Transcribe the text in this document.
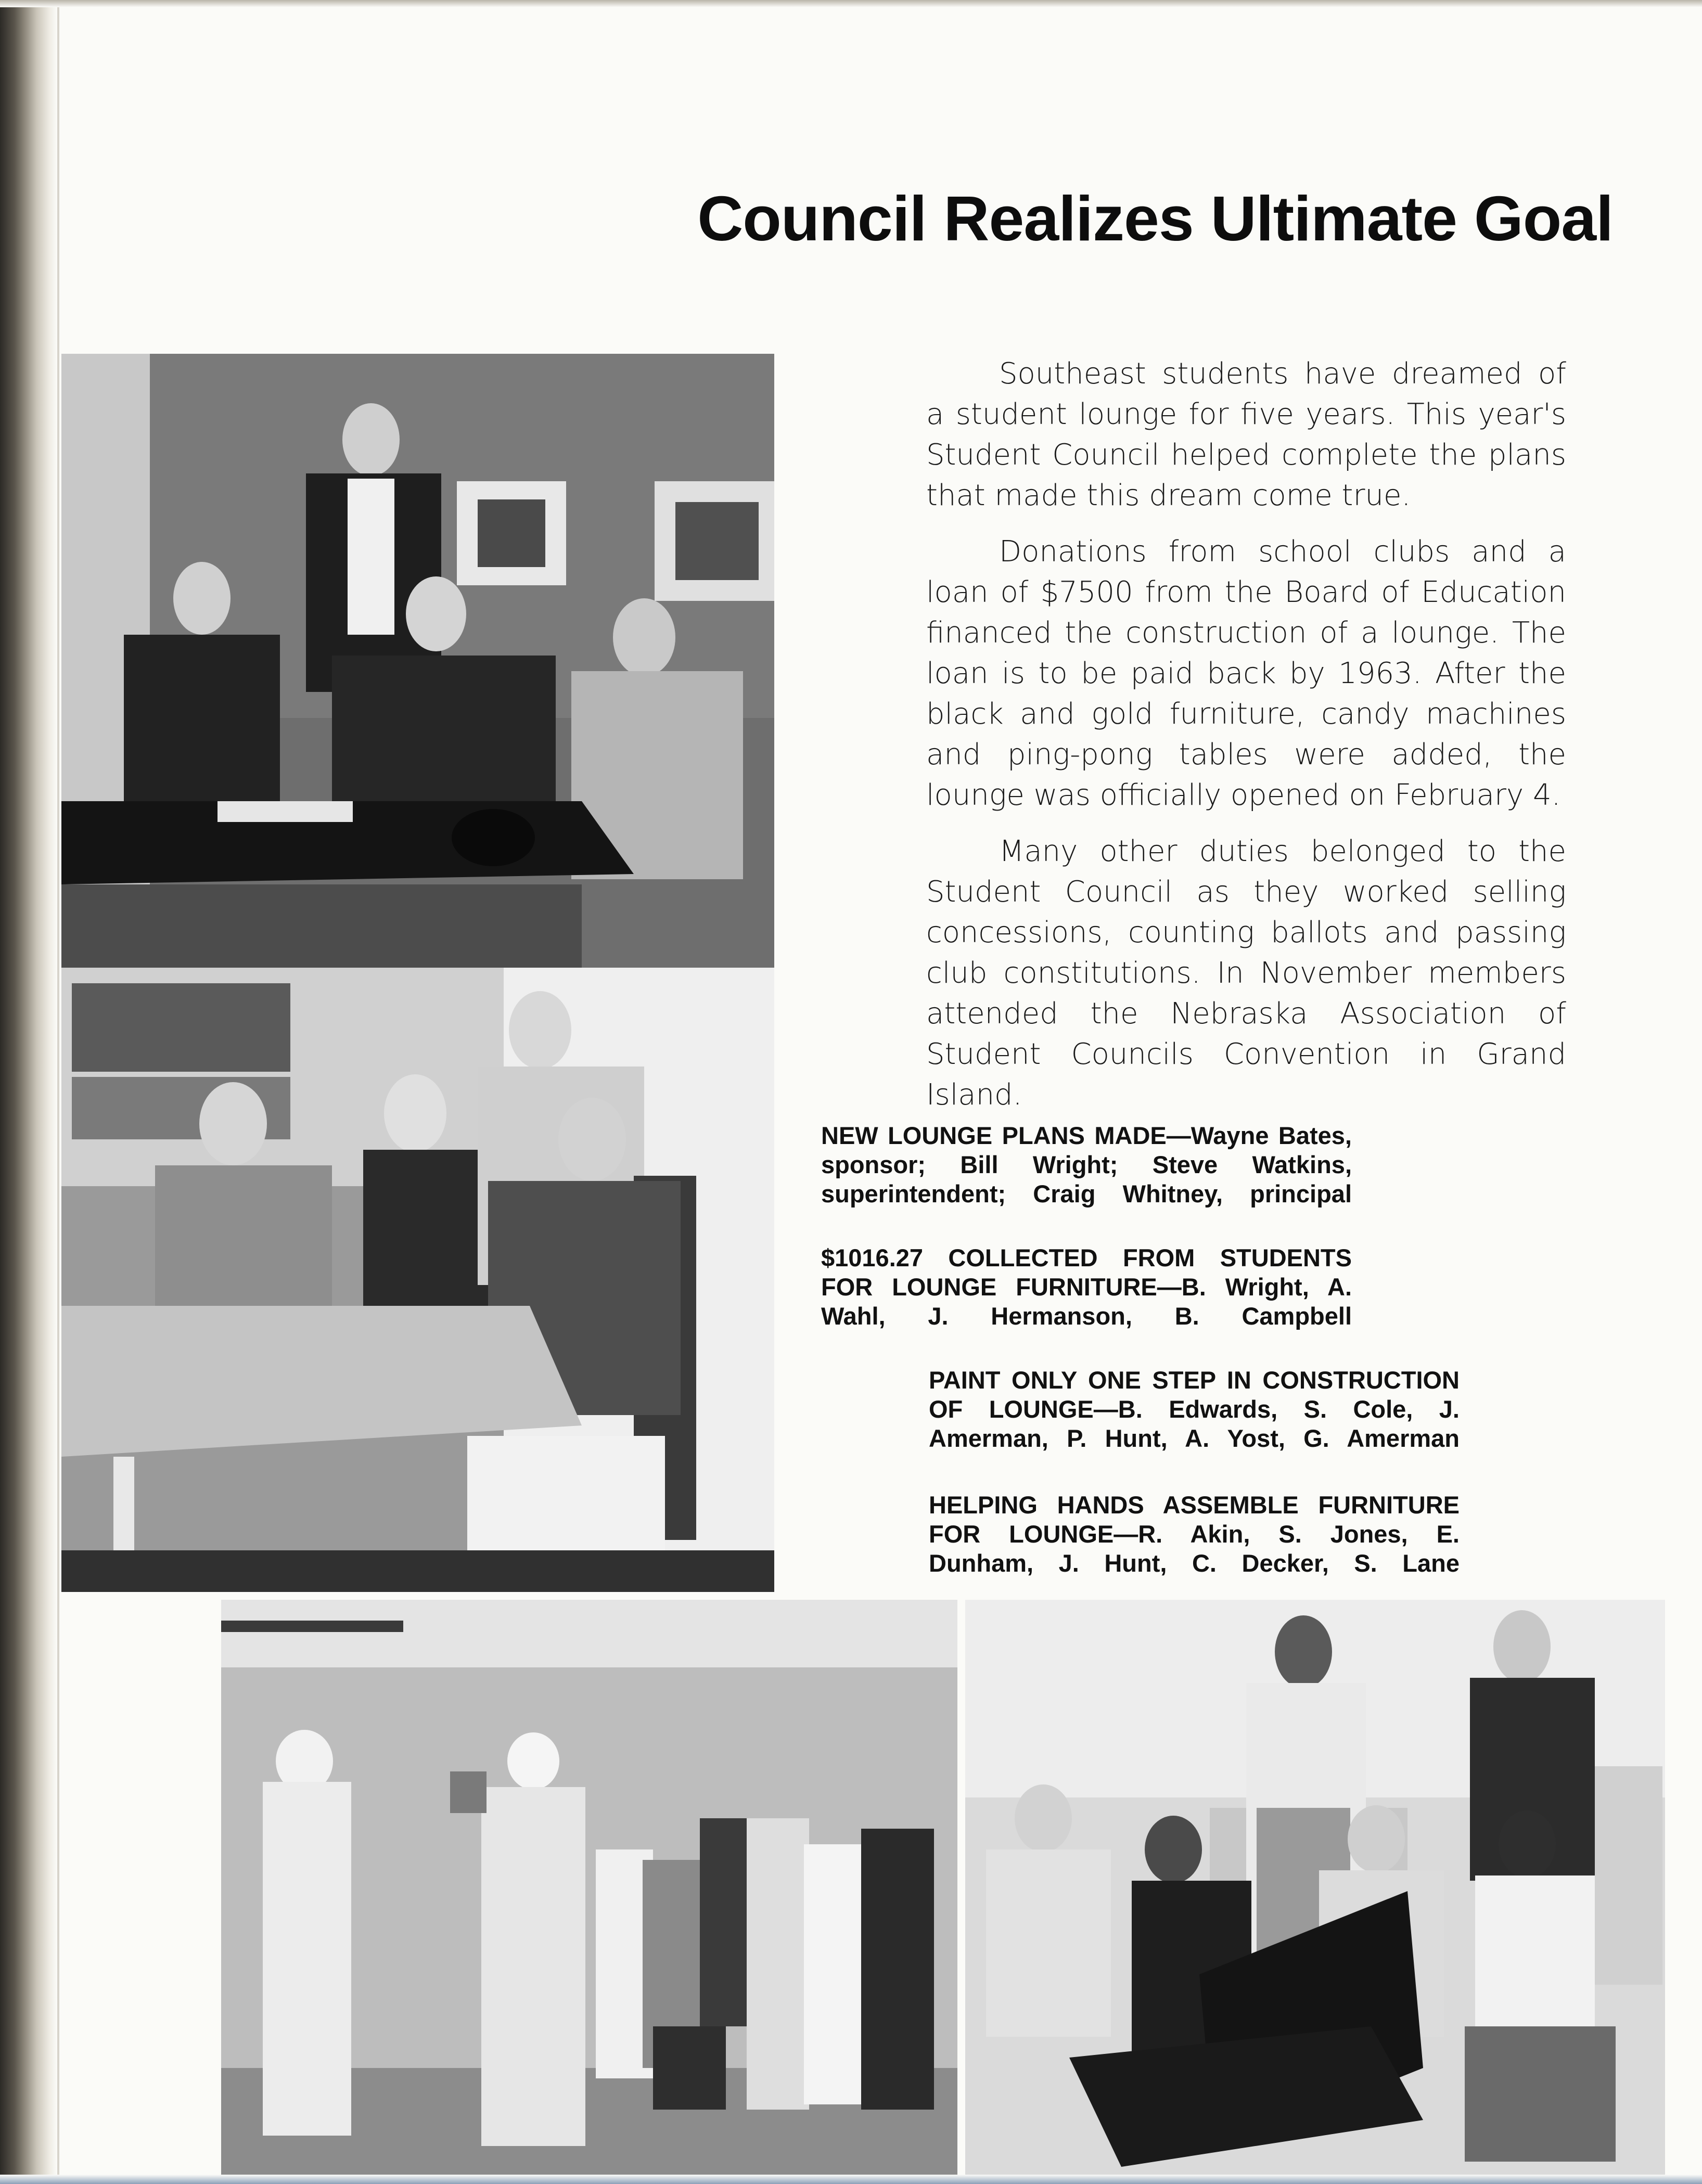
Council Realizes Ultimate Goal

Southeast students have dreamed of a student lounge for five years. This year's Student Council helped complete the plans that made this dream come true.

Donations from school clubs and a loan of $7500 from the Board of Education financed the construction of a lounge. The loan is to be paid back by 1963. After the black and gold furniture, candy machines and ping-pong tables were added, the lounge was officially opened on February 4.

Many other duties belonged to the Student Council as they worked selling concessions, counting ballots and passing club constitutions. In November members attended the Nebraska Association of Student Councils Convention in Grand Island.

NEW LOUNGE PLANS MADE—Wayne Bates, sponsor; Bill Wright; Steve Watkins, superintendent; Craig Whitney, principal
$1016.27 COLLECTED FROM STUDENTS FOR LOUNGE FURNITURE—B. Wright, A. Wahl, J. Hermanson, B. Campbell
PAINT ONLY ONE STEP IN CONSTRUCTION OF LOUNGE—B. Edwards, S. Cole, J. Amerman, P. Hunt, A. Yost, G. Amerman
HELPING HANDS ASSEMBLE FURNITURE FOR LOUNGE—R. Akin, S. Jones, E. Dunham, J. Hunt, C. Decker, S. Lane
